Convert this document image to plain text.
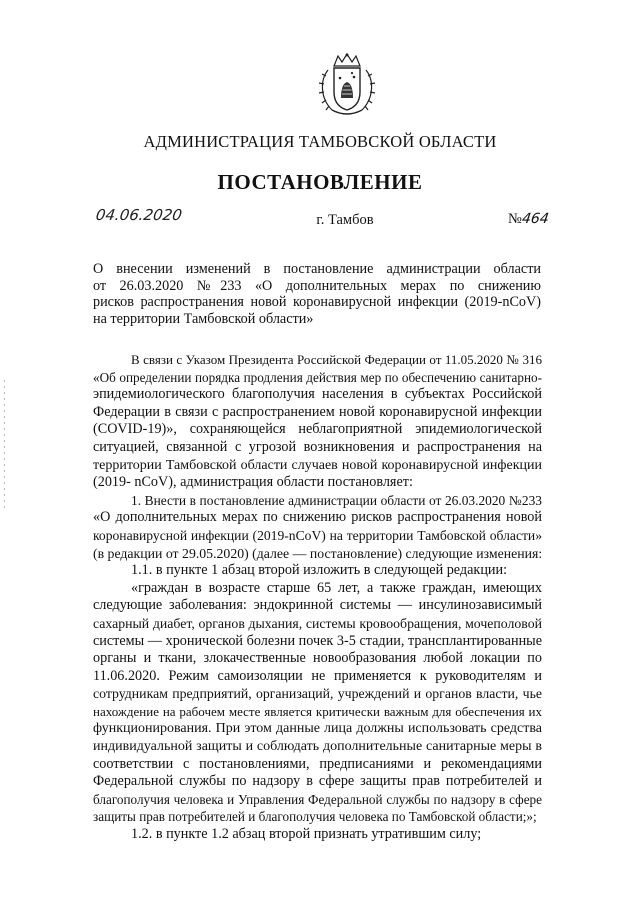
АДМИНИСТРАЦИЯ ТАМБОВСКОЙ ОБЛАСТИ
ПОСТАНОВЛЕНИЕ
04.06.2020	г. Тамбов	№464
О внесении изменений в постановление администрации области
от 26.03.2020 №233 «О дополнительных мерах по снижению
рисков распространения новой коронавирусной инфекции (2019-nCoV)
на территории Тамбовской области»
В связи с Указом Президента Российской Федерации от 11.05.2020 № 316
«Об определении порядка продления действия мер по обеспечению санитарно-
эпидемиологического благополучия населения в субъектах Российской
Федерации в связи с распространением новой коронавирусной инфекции
(COVID-19)», сохраняющейся неблагоприятной эпидемиологической
ситуацией, связанной с угрозой возникновения и распространения на
территории Тамбовской области случаев новой коронавирусной инфекции
(2019- nCoV), администрация области постановляет:
1. Внести в постановление администрации области от 26.03.2020 №233
«О дополнительных мерах по снижению рисков распространения новой
коронавирусной инфекции (2019-nCoV) на территории Тамбовской области»
(в редакции от 29.05.2020) (далее — постановление) следующие изменения:
1.1. в пункте 1 абзац второй изложить в следующей редакции:
«граждан в возрасте старше 65 лет, а также граждан, имеющих
следующие заболевания: эндокринной системы — инсулинозависимый
сахарный диабет, органов дыхания, системы кровообращения, мочеполовой
системы — хронической болезни почек 3-5 стадии, трансплантированные
органы и ткани, злокачественные новообразования любой локации по
11.06.2020. Режим самоизоляции не применяется к руководителям и
сотрудникам предприятий, организаций, учреждений и органов власти, чье
нахождение на рабочем месте является критически важным для обеспечения их
функционирования. При этом данные лица должны использовать средства
индивидуальной защиты и соблюдать дополнительные санитарные меры в
соответствии с постановлениями, предписаниями и рекомендациями
Федеральной службы по надзору в сфере защиты прав потребителей и
благополучия человека и Управления Федеральной службы по надзору в сфере
защиты прав потребителей и благополучия человека по Тамбовской области;»;
1.2. в пункте 1.2 абзац второй признать утратившим силу;
